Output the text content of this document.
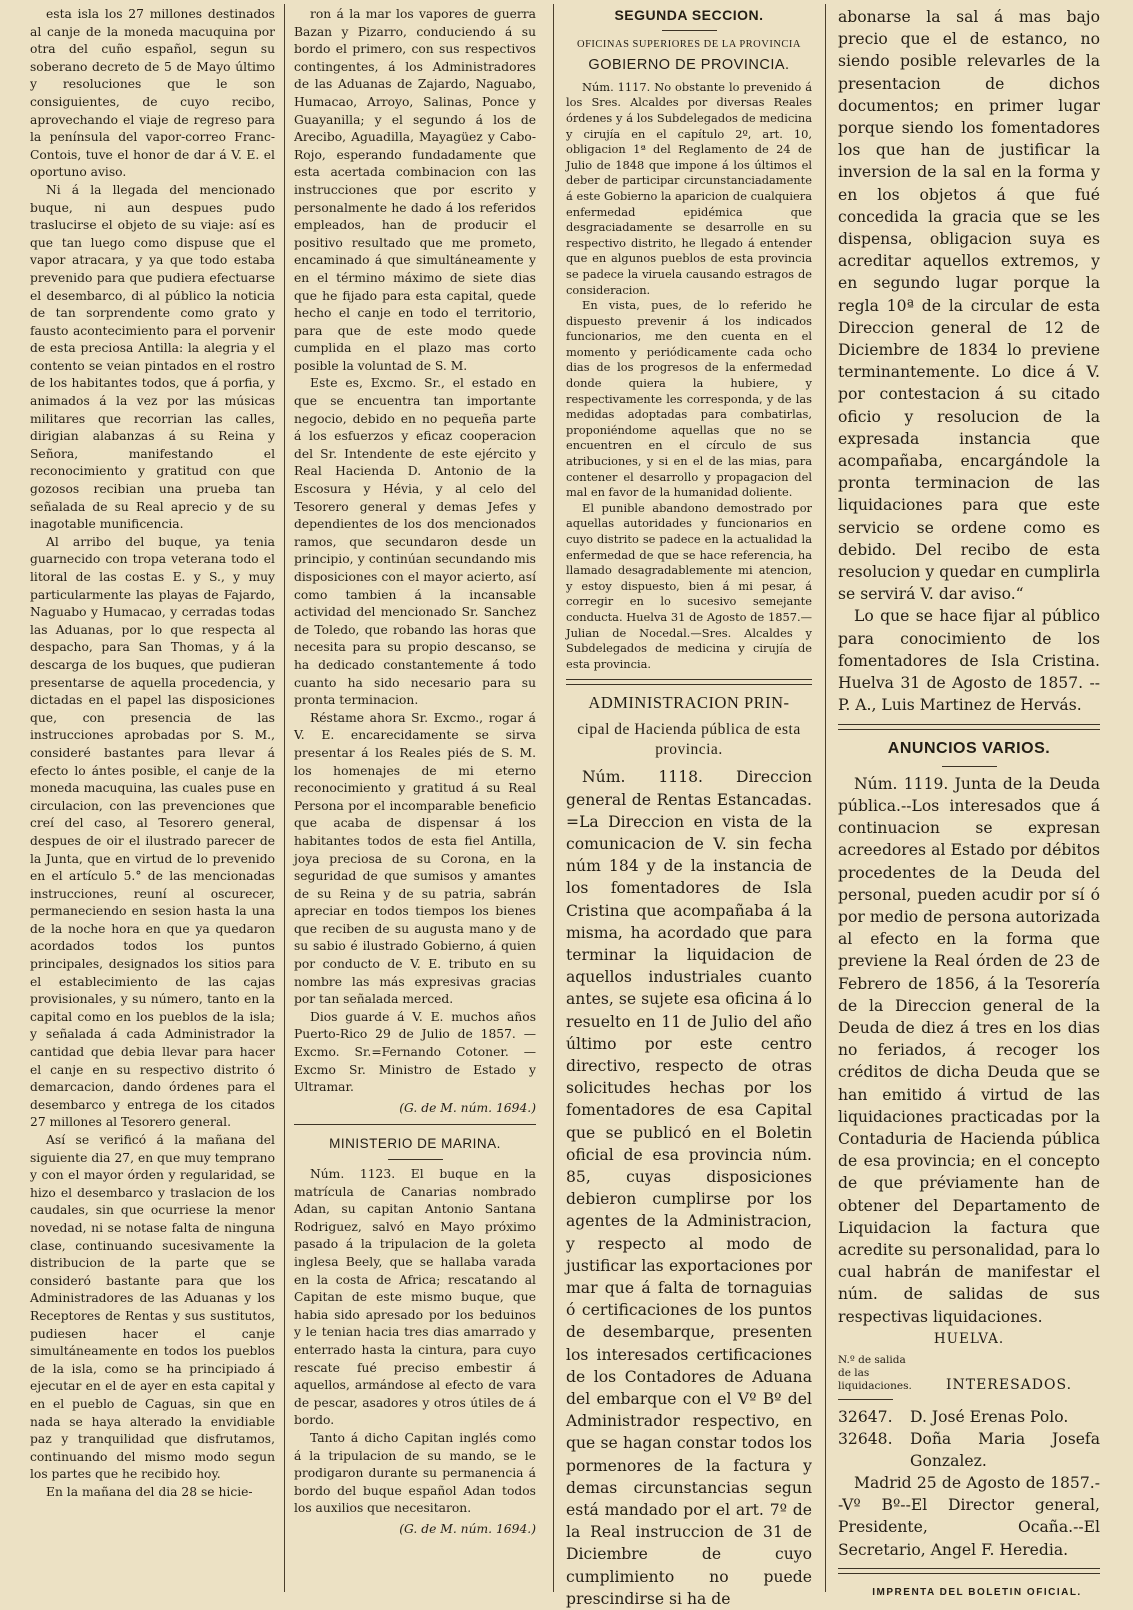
esta isla los 27 millones destinados al canje de la moneda macuquina por otra del cuño español, segun su soberano decreto de 5 de Mayo último y resoluciones que le son consiguientes, de cuyo recibo, aprovechando el viaje de regreso para la península del vapor-correo Franc-Contois, tuve el honor de dar á V. E. el oportuno aviso.

Ni á la llegada del mencionado buque, ni aun despues pudo traslucirse el objeto de su viaje: así es que tan luego como dispuse que el vapor atracara, y ya que todo estaba prevenido para que pudiera efectuarse el desembarco, di al público la noticia de tan sorprendente como grato y fausto acontecimiento para el porvenir de esta preciosa Antilla: la alegria y el contento se veian pintados en el rostro de los habitantes todos, que á porfia, y animados á la vez por las músicas militares que recorrian las calles, dirigian alabanzas á su Reina y Señora, manifestando el reconocimiento y gratitud con que gozosos recibian una prueba tan señalada de su Real aprecio y de su inagotable munificencia.

Al arribo del buque, ya tenia guarnecido con tropa veterana todo el litoral de las costas E. y S., y muy particularmente las playas de Fajardo, Naguabo y Humacao, y cerradas todas las Aduanas, por lo que respecta al despacho, para San Thomas, y á la descarga de los buques, que pudieran presentarse de aquella procedencia, y dictadas en el papel las disposiciones que, con presencia de las instrucciones aprobadas por S. M., consideré bastantes para llevar á efecto lo ántes posible, el canje de la moneda macuquina, las cuales puse en circulacion, con las prevenciones que creí del caso, al Tesorero general, despues de oir el ilustrado parecer de la Junta, que en virtud de lo prevenido en el artículo 5.° de las mencionadas instrucciones, reuní al oscurecer, permaneciendo en sesion hasta la una de la noche hora en que ya quedaron acordados todos los puntos principales, designados los sitios para el establecimiento de las cajas provisionales, y su número, tanto en la capital como en los pueblos de la isla; y señalada á cada Administrador la cantidad que debia llevar para hacer el canje en su respectivo distrito ó demarcacion, dando órdenes para el desembarco y entrega de los citados 27 millones al Tesorero general.

Así se verificó á la mañana del siguiente dia 27, en que muy temprano y con el mayor órden y regularidad, se hizo el desembarco y traslacion de los caudales, sin que ocurriese la menor novedad, ni se notase falta de ninguna clase, continuando sucesivamente la distribucion de la parte que se consideró bastante para que los Administradores de las Aduanas y los Receptores de Rentas y sus sustitutos, pudiesen hacer el canje simultáneamente en todos los pueblos de la isla, como se ha principiado á ejecutar en el de ayer en esta capital y en el pueblo de Caguas, sin que en nada se haya alterado la envidiable paz y tranquilidad que disfrutamos, continuando del mismo modo segun los partes que he recibido hoy.

En la mañana del dia 28 se hicie-

ron á la mar los vapores de guerra Bazan y Pizarro, conduciendo á su bordo el primero, con sus respectivos contingentes, á los Administradores de las Aduanas de Zajardo, Naguabo, Humacao, Arroyo, Salinas, Ponce y Guayanilla; y el segundo á los de Arecibo, Aguadilla, Mayagüez y Cabo-Rojo, esperando fundadamente que esta acertada combinacion con las instrucciones que por escrito y personalmente he dado á los referidos empleados, han de producir el positivo resultado que me prometo, encaminado á que simultáneamente y en el término máximo de siete dias que he fijado para esta capital, quede hecho el canje en todo el territorio, para que de este modo quede cumplida en el plazo mas corto posible la voluntad de S. M.

Este es, Excmo. Sr., el estado en que se encuentra tan importante negocio, debido en no pequeña parte á los esfuerzos y eficaz cooperacion del Sr. Intendente de este ejército y Real Hacienda D. Antonio de la Escosura y Hévia, y al celo del Tesorero general y demas Jefes y dependientes de los dos mencionados ramos, que secundaron desde un principio, y continúan secundando mis disposiciones con el mayor acierto, así como tambien á la incansable actividad del mencionado Sr. Sanchez de Toledo, que robando las horas que necesita para su propio descanso, se ha dedicado constantemente á todo cuanto ha sido necesario para su pronta terminacion.

Réstame ahora Sr. Excmo., rogar á V. E. encarecidamente se sirva presentar á los Reales piés de S. M. los homenajes de mi eterno reconocimiento y gratitud á su Real Persona por el incomparable beneficio que acaba de dispensar á los habitantes todos de esta fiel Antilla, joya preciosa de su Corona, en la seguridad de que sumisos y amantes de su Reina y de su patria, sabrán apreciar en todos tiempos los bienes que reciben de su augusta mano y de su sabio é ilustrado Gobierno, á quien por conducto de V. E. tributo en su nombre las más expresivas gracias por tan señalada merced.

Dios guarde á V. E. muchos años Puerto-Rico 29 de Julio de 1857. —Excmo. Sr.=Fernando Cotoner. —Excmo Sr. Ministro de Estado y Ultramar.

(G. de M. núm. 1694.)

MINISTERIO DE MARINA.

Núm. 1123. El buque en la matrícula de Canarias nombrado Adan, su capitan Antonio Santana Rodriguez, salvó en Mayo próximo pasado á la tripulacion de la goleta inglesa Beely, que se hallaba varada en la costa de Africa; rescatando al Capitan de este mismo buque, que habia sido apresado por los beduinos y le tenian hacia tres dias amarrado y enterrado hasta la cintura, para cuyo rescate fué preciso embestir á aquellos, armándose al efecto de vara de pescar, asadores y otros útiles de á bordo.

Tanto á dicho Capitan inglés como á la tripulacion de su mando, se le prodigaron durante su permanencia á bordo del buque español Adan todos los auxilios que necesitaron.

(G. de M. núm. 1694.)

SEGUNDA SECCION.

OFICINAS SUPERIORES DE LA PROVINCIA

GOBIERNO DE PROVINCIA.

Núm. 1117. No obstante lo prevenido á los Sres. Alcaldes por diversas Reales órdenes y á los Subdelegados de medicina y cirujía en el capítulo 2º, art. 10, obligacion 1ª del Reglamento de 24 de Julio de 1848 que impone á los últimos el deber de participar circunstanciadamente á este Gobierno la aparicion de cualquiera enfermedad epidémica que desgraciadamente se desarrolle en su respectivo distrito, he llegado á entender que en algunos pueblos de esta provincia se padece la viruela causando estragos de consideracion.

En vista, pues, de lo referido he dispuesto prevenir á los indicados funcionarios, me den cuenta en el momento y periódicamente cada ocho dias de los progresos de la enfermedad donde quiera la hubiere, y respectivamente les corresponda, y de las medidas adoptadas para combatirlas, proponiéndome aquellas que no se encuentren en el círculo de sus atribuciones, y si en el de las mias, para contener el desarrollo y propagacion del mal en favor de la humanidad doliente.

El punible abandono demostrado por aquellas autoridades y funcionarios en cuyo distrito se padece en la actualidad la enfermedad de que se hace referencia, ha llamado desagradablemente mi atencion, y estoy dispuesto, bien á mi pesar, á corregir en lo sucesivo semejante conducta. Huelva 31 de Agosto de 1857.—Julian de Nocedal.—Sres. Alcaldes y Subdelegados de medicina y cirujía de esta provincia.

ADMINISTRACION PRIN-

cipal de Hacienda pública de esta provincia.

Núm. 1118. Direccion general de Rentas Estancadas. =La Direccion en vista de la comunicacion de V. sin fecha núm 184 y de la instancia de los fomentadores de Isla Cristina que acompañaba á la misma, ha acordado que para terminar la liquidacion de aquellos industriales cuanto antes, se sujete esa oficina á lo resuelto en 11 de Julio del año último por este centro directivo, respecto de otras solicitudes hechas por los fomentadores de esa Capital que se publicó en el Boletin oficial de esa provincia núm. 85, cuyas disposiciones debieron cumplirse por los agentes de la Administracion, y respecto al modo de justificar las exportaciones por mar que á falta de tornaguias ó certificaciones de los puntos de desembarque, presenten los interesados certificaciones de los Contadores de Aduana del embarque con el Vº Bº del Administrador respectivo, en que se hagan constar todos los pormenores de la factura y demas circunstancias segun está mandado por el art. 7º de la Real instruccion de 31 de Diciembre de cuyo cumplimiento no puede prescindirse si ha de

abonarse la sal á mas bajo precio que el de estanco, no siendo posible relevarles de la presentacion de dichos documentos; en primer lugar porque siendo los fomentadores los que han de justificar la inversion de la sal en la forma y en los objetos á que fué concedida la gracia que se les dispensa, obligacion suya es acreditar aquellos extremos, y en segundo lugar porque la regla 10ª de la circular de esta Direccion general de 12 de Diciembre de 1834 lo previene terminantemente. Lo dice á V. por contestacion á su citado oficio y resolucion de la expresada instancia que acompañaba, encargándole la pronta terminacion de las liquidaciones para que este servicio se ordene como es debido. Del recibo de esta resolucion y quedar en cumplirla se servirá V. dar aviso.“

Lo que se hace fijar al público para conocimiento de los fomentadores de Isla Cristina. Huelva 31 de Agosto de 1857. --P. A., Luis Martinez de Hervás.

ANUNCIOS VARIOS.

Núm. 1119. Junta de la Deuda pública.--Los interesados que á continuacion se expresan acreedores al Estado por débitos procedentes de la Deuda del personal, pueden acudir por sí ó por medio de persona autorizada al efecto en la forma que previene la Real órden de 23 de Febrero de 1856, á la Tesorería de la Direccion general de la Deuda de diez á tres en los dias no feriados, á recoger los créditos de dicha Deuda que se han emitido á virtud de las liquidaciones practicadas por la Contaduria de Hacienda pública de esa provincia; en el concepto de que préviamente han de obtener del Departamento de Liquidacion la factura que acredite su personalidad, para lo cual habrán de manifestar el núm. de salidas de sus respectivas liquidaciones.

HUELVA.

N.º de salida de las liquidaciones.	INTERESADOS.
32647.	D. José Erenas Polo.
32648.	Doña Maria Josefa Gonzalez.

Madrid 25 de Agosto de 1857.--Vº Bº--El Director general, Presidente, Ocaña.--El Secretario, Angel F. Heredia.

IMPRENTA DEL BOLETIN OFICIAL.
